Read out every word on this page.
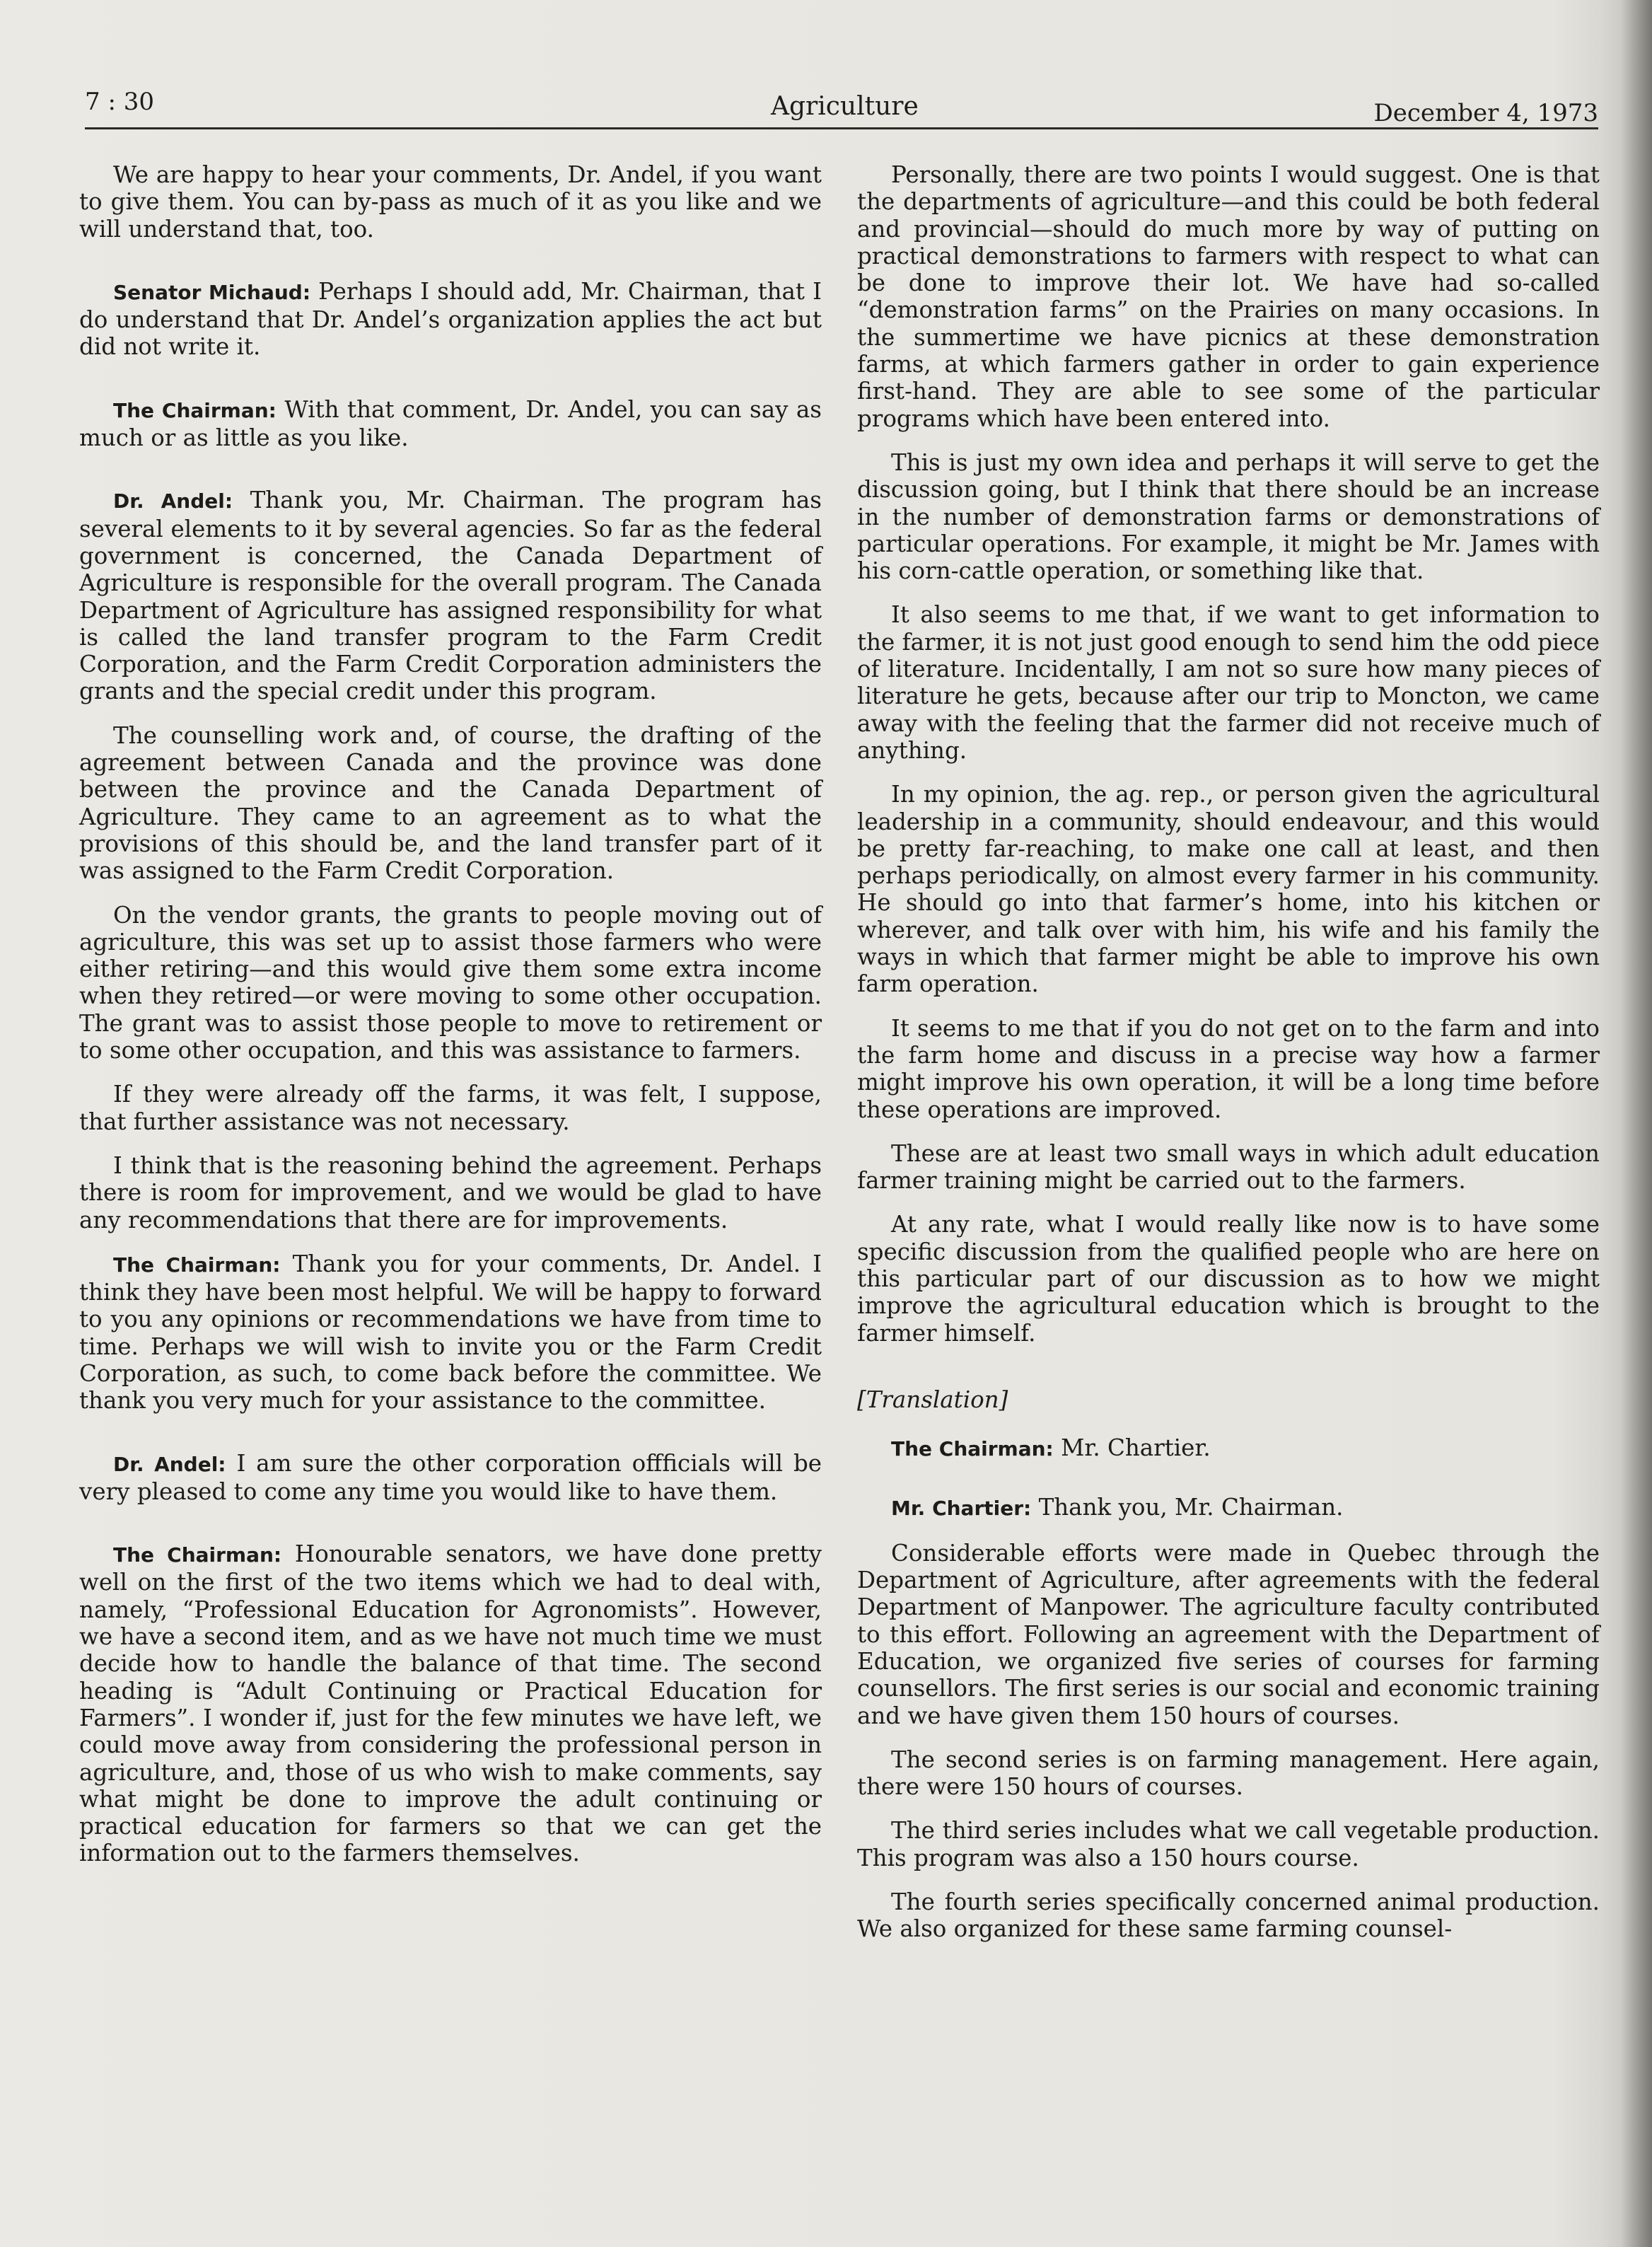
7 : 30	Agriculture	December 4, 1973

We are happy to hear your comments, Dr. Andel, if you want to give them. You can by-pass as much of it as you like and we will understand that, too.

Senator Michaud: Perhaps I should add, Mr. Chairman, that I do understand that Dr. Andel’s organization applies the act but did not write it.

The Chairman: With that comment, Dr. Andel, you can say as much or as little as you like.

Dr. Andel: Thank you, Mr. Chairman. The program has several elements to it by several agencies. So far as the federal government is concerned, the Canada Department of Agriculture is responsible for the overall program. The Canada Department of Agriculture has assigned responsibility for what is called the land transfer program to the Farm Credit Corporation, and the Farm Credit Corporation administers the grants and the special credit under this program.

The counselling work and, of course, the drafting of the agreement between Canada and the province was done between the province and the Canada Department of Agriculture. They came to an agreement as to what the provisions of this should be, and the land transfer part of it was assigned to the Farm Credit Corporation.

On the vendor grants, the grants to people moving out of agriculture, this was set up to assist those farmers who were either retiring—and this would give them some extra income when they retired—or were moving to some other occupation. The grant was to assist those people to move to retirement or to some other occupation, and this was assistance to farmers.

If they were already off the farms, it was felt, I suppose, that further assistance was not necessary.

I think that is the reasoning behind the agreement. Perhaps there is room for improvement, and we would be glad to have any recommendations that there are for improvements.

The Chairman: Thank you for your comments, Dr. Andel. I think they have been most helpful. We will be happy to forward to you any opinions or recommendations we have from time to time. Perhaps we will wish to invite you or the Farm Credit Corporation, as such, to come back before the committee. We thank you very much for your assistance to the committee.

Dr. Andel: I am sure the other corporation offficials will be very pleased to come any time you would like to have them.

The Chairman: Honourable senators, we have done pretty well on the first of the two items which we had to deal with, namely, “Professional Education for Agronomists”. However, we have a second item, and as we have not much time we must decide how to handle the balance of that time. The second heading is “Adult Continuing or Practical Education for Farmers”. I wonder if, just for the few minutes we have left, we could move away from considering the professional person in agriculture, and, those of us who wish to make comments, say what might be done to improve the adult continuing or practical education for farmers so that we can get the information out to the farmers themselves.

Personally, there are two points I would suggest. One is that the departments of agriculture—and this could be both federal and provincial—should do much more by way of putting on practical demonstrations to farmers with respect to what can be done to improve their lot. We have had so-called “demonstration farms” on the Prairies on many occasions. In the summertime we have picnics at these demonstration farms, at which farmers gather in order to gain experience first-hand. They are able to see some of the particular programs which have been entered into.

This is just my own idea and perhaps it will serve to get the discussion going, but I think that there should be an increase in the number of demonstration farms or demonstrations of particular operations. For example, it might be Mr. James with his corn-cattle operation, or something like that.

It also seems to me that, if we want to get information to the farmer, it is not just good enough to send him the odd piece of literature. Incidentally, I am not so sure how many pieces of literature he gets, because after our trip to Moncton, we came away with the feeling that the farmer did not receive much of anything.

In my opinion, the ag. rep., or person given the agricultural leadership in a community, should endeavour, and this would be pretty far-reaching, to make one call at least, and then perhaps periodically, on almost every farmer in his community. He should go into that farmer’s home, into his kitchen or wherever, and talk over with him, his wife and his family the ways in which that farmer might be able to improve his own farm operation.

It seems to me that if you do not get on to the farm and into the farm home and discuss in a precise way how a farmer might improve his own operation, it will be a long time before these operations are improved.

These are at least two small ways in which adult education farmer training might be carried out to the farmers.

At any rate, what I would really like now is to have some specific discussion from the qualified people who are here on this particular part of our discussion as to how we might improve the agricultural education which is brought to the farmer himself.

[Translation]

The Chairman: Mr. Chartier.

Mr. Chartier: Thank you, Mr. Chairman.

Considerable efforts were made in Quebec through the Department of Agriculture, after agreements with the federal Department of Manpower. The agriculture faculty contributed to this effort. Following an agreement with the Department of Education, we organized five series of courses for farming counsellors. The first series is our social and economic training and we have given them 150 hours of courses.

The second series is on farming management. Here again, there were 150 hours of courses.

The third series includes what we call vegetable production. This program was also a 150 hours course.

The fourth series specifically concerned animal production. We also organized for these same farming counsel-
